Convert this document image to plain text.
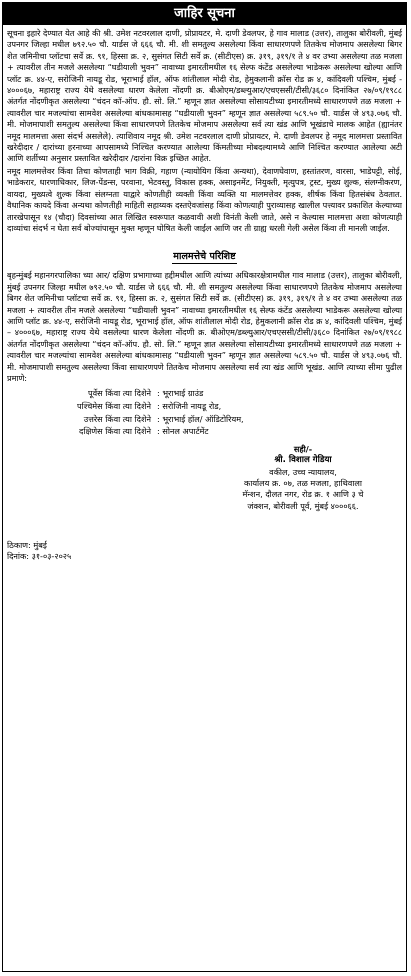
जाहिर सूचना

सूचना इहारे देण्यात येत आहे की श्री. उमेश नटवरलाल दाणी, प्रोप्रायटर, मे. दाणी डेवलपर, हे गाव मालाड (उत्तर), तालुका बोरीवली, मुंबई उपनगर जिल्हा मधील ७९२.५० चौ. यार्डस जे ६६६ चौ. मी. शी समतुल्य असलेल्या किंवा साधारणपणे तितकेच मोजमाप असलेल्या बिगर शेत जमिनीचा प्लॉटचा सर्वे क्र. ९१, हिस्सा क्र. २, सुसंगत सिटी सर्वे क्र. (सीटीएस) क्र. ३१९, ३१९/१ ते ४ वर उभ्या असलेल्या तळ मजला + त्यावरील तीन मजले असलेल्या “घडीयाली भुवन” नावाच्या इमारतीमधील १६ सेल्फ कंटेंड असलेल्या भाडेकरू असलेल्या खोल्या आणि प्लॉट क्र. ४४-ए, सरोजिनी नायडू रोड, भूराभाई हॉल, ऑफ शांतीलाल मोदी रोड, हेमुकलानी क्रॉस रोड क्र ४, कांदिवली पश्चिम, मुंबई - ४०००६७, महाराष्ट्र राज्य येथे वसलेल्या धारण केलेला नोंदणी क्र. बीओएम/डब्ल्युआर/एचएससी/टीसी/३६८० दिनांकित २७/०९/१९८८ अंतर्गत नोंदणीकृत असलेल्या “चंदन कॉ-ऑप. हौ. सो. लि.” म्हणून ज्ञात असलेल्या सोसायटीच्या इमारतीमध्ये साधारणपणे तळ मजला + त्यावरील चार मजल्यांचा सामवेश असलेल्या बांधकामासह “घडीयाली भुवन” म्हणून ज्ञात असलेल्या ५८९.५० चौ. यार्डस जे ४९३.०७६ चौ. मी. मोजमापाशी समतुल्य असलेल्या किंवा साधारणपणे तितकेच मोजमाप असलेल्या सर्व त्या खंड आणि भूखंडाचे मालक आहेत (ह्यानंतर नमूद मालमत्ता असा संदर्भ असलेले). त्याशिवाय नमूद श्री. उमेश नटवरलाल दाणी प्रोप्रायटर, मे. दाणी डेवलपर हे नमूद मालमत्ता प्रस्तावित खरेदीदार / दारांच्या हरनाच्या आपसामध्ये निश्चित करण्यात आलेल्या किंमतीच्या मोबदल्यामध्ये आणि निश्चित करण्यात आलेल्या अटी आणि शर्तीच्या अनुसार प्रस्तावित खरेदीदार /दारांना विक्र इच्छित आहेत.

नमूद मालमत्तेवर किंवा तिचा कोणताही भाग विक्री, गहाण (न्यायोयिग किंवा अन्यथा), देवाणघेवाण, हस्तांतरण, वारसा, भाडेपट्टी, सोई, भाडेकरार, धारणाधिकार, लिज-पेंडन्स, परवाना, भेटवस्तू, विकास हक्क, असाइनमेंट, नियुक्ती, मृत्युपत्र, ट्रस्ट, मुख्य शुल्क, संलग्नीकरण, वायदा, मुख्यत्वे शुल्क किंवा संलग्नता याद्वारे कोणतीही व्यक्ती किंवा व्यक्ति या मालमत्तेवर हक्क, शीर्षक किंवा हितसंबंध ठेवतात. वैधानिक कायदे किंवा अन्यथा कोणतीही माहिती सहाय्यक दस्तऐवजांसह किंवा कोणत्याही पुराव्यासह खालील पत्त्यावर प्रकाशित केल्याच्या तारखेपासून १४ (चौदा) दिवसांच्या आत लिखित स्वरूपात कळवावी अशी विनंती केली जाते, असे न केल्यास मालमत्ता अशा कोणत्याही दाव्यांचा संदर्भ न घेता सर्व बोज्यांपासून मुक्त म्हणून घोषित केली जाईल आणि जर ती ग्राह्य धरली गेली असेल किंवा ती मानली जाईल.

मालमत्तेचे परिशिष्ट

बृहन्मुंबई महानगरपालिका च्या आर/ दक्षिण प्रभागाच्या हद्दीमधील आणि त्यांच्या अधिकारक्षेत्रामधील गाव मालाड (उत्तर), तालुका बोरीवली, मुंबई उपनगर जिल्हा मधील ७९२.५० चौ. यार्डस जे ६६६ चौ. मी. शी समतुल्य असलेल्या किंवा साधारणपणे तितकेच मोजमाप असलेल्या बिगर शेत जमिनीचा प्लॉटचा सर्वे क्र. ९१, हिस्सा क्र. २, सुसंगत सिटी सर्वे क्र. (सीटीएस) क्र. ३१९, ३१९/१ ते ४ वर उभ्या असलेल्या तळ मजला + त्यावरील तीन मजले असलेल्या “घडीयाली भुवन” नावाच्या इमारतीमधील १६ सेल्फ कंटेंड असलेल्या भाडेकरू असलेल्या खोल्या आणि प्लॉट क्र. ४४-ए, सरोजिनी नायडू रोड, भूराभाई हॉल, ऑफ शांतीलाल मोदी रोड, हेमुकलानी क्रॉस रोड क्र ४, कांदिवली पश्चिम, मुंबई – ४०००६७, महाराष्ट्र राज्य येथे वसलेल्या धारण केलेला नोंदणी क्र. बीओएम/डब्ल्युआर/एचएससी/टीसी/३६८० दिनांकित २७/०९/१९८८ अंतर्गत नोंदणीकृत असलेल्या “चंदन कॉ-ऑप. हौ. सो. लि.” म्हणून ज्ञात असलेल्या सोसायटीच्या इमारतीमध्ये साधारणपणे तळ मजला + त्यावरील चार मजल्यांचा सामवेश असलेल्या बांधकामासह “घडीयाली भुवन” म्हणून ज्ञात असलेल्या ५८९.५० चौ. यार्डस जे ४९३.०७६ चौ. मी. मोजमापाशी समतुल्य असलेल्या किंवा साधारणपणे तितकेच मोजमाप असलेल्या सर्व त्या खंड आणि भूखंड. आणि त्याच्या सीमा पुढील प्रमाणे:

पूर्वेस किंवा त्या दिशेने : भूराभाई ग्राउंड
पश्चिमेस किंवा त्या दिशेने : सरोजिनी नायडू रोड,
उत्तरेस किंवा त्या दिशेने : भूराभाई हॉल/ ऑडिटोरियम,
दक्षिणेस किंवा त्या दिशेने : सोनल अपार्टमेंट
सही/-
श्री. विशाल गेडिया
वकील, उच्च न्यायालय,
कार्यालय क्र. ०७, तळ मजला, हाथिवाला
मॅन्शन, दौलत नगर, रोड क्र. १ आणि ३ चे
जंक्शन, बोरीवली पूर्व, मुंबई ४०००६६.
ठिकाण: मुंबई
दिनांक: ३१-०३-२०२५
